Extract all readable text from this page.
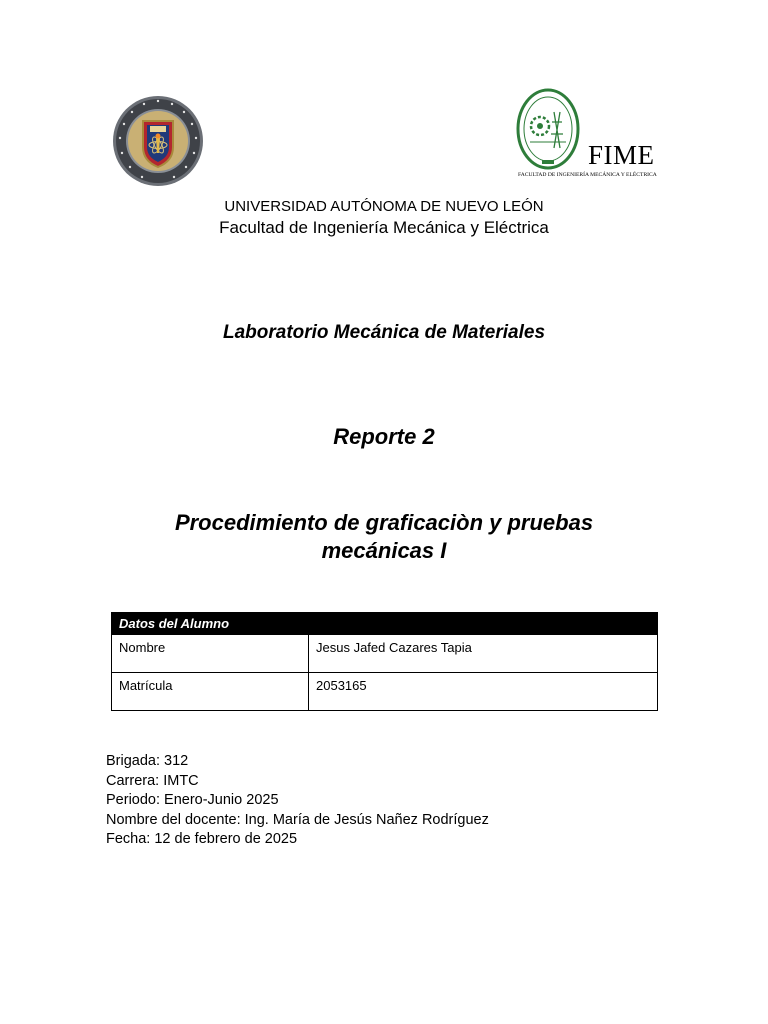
FIME
FACULTAD DE INGENIERÍA MECÁNICA Y ELÉCTRICA
UNIVERSIDAD AUTÓNOMA DE NUEVO LEÓN
Facultad de Ingeniería Mecánica y Eléctrica
Laboratorio Mecánica de Materiales
Reporte 2
Procedimiento de graficaciòn y pruebas
mecánicas I
Datos del Alumno	
Nombre	Jesus Jafed Cazares Tapia
Matrícula	2053165
Brigada: 312
Carrera: IMTC
Periodo: Enero-Junio 2025
Nombre del docente: Ing. María de Jesús Nañez Rodríguez
Fecha: 12 de febrero de 2025
